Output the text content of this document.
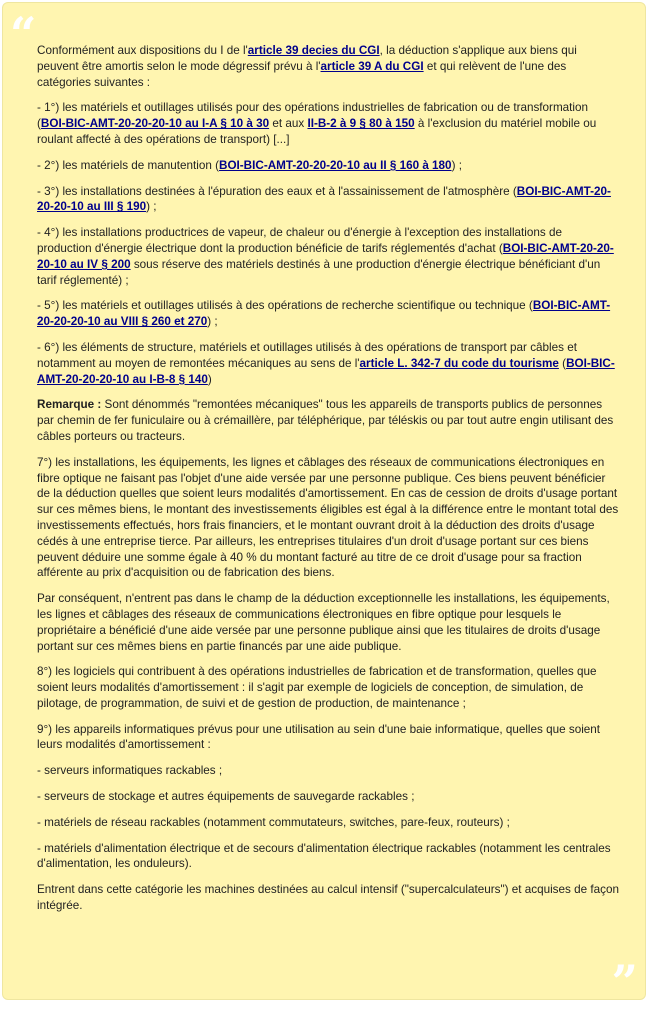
“ Conformément aux dispositions du I de l'article 39 decies du CGI, la déduction s'applique aux biens qui peuvent être amortis selon le mode dégressif prévu à l'article 39 A du CGI et qui relèvent de l'une des catégories suivantes :

- 1°) les matériels et outillages utilisés pour des opérations industrielles de fabrication ou de transformation (BOI-BIC-AMT-20-20-20-10 au I-A § 10 à 30 et aux II-B-2 à 9 § 80 à 150 à l'exclusion du matériel mobile ou roulant affecté à des opérations de transport) [...]

- 2°) les matériels de manutention (BOI-BIC-AMT-20-20-20-10 au II § 160 à 180) ;

- 3°) les installations destinées à l'épuration des eaux et à l'assainissement de l'atmosphère (BOI-BIC-AMT-20-20-20-10 au III § 190) ;

- 4°) les installations productrices de vapeur, de chaleur ou d'énergie à l'exception des installations de production d'énergie électrique dont la production bénéficie de tarifs réglementés d'achat (BOI-BIC-AMT-20-20-20-10 au IV § 200 sous réserve des matériels destinés à une production d'énergie électrique bénéficiant d'un tarif réglementé) ;

- 5°) les matériels et outillages utilisés à des opérations de recherche scientifique ou technique (BOI-BIC-AMT-20-20-20-10 au VIII § 260 et 270) ;

- 6°) les éléments de structure, matériels et outillages utilisés à des opérations de transport par câbles et notamment au moyen de remontées mécaniques au sens de l'article L. 342-7 du code du tourisme (BOI-BIC-AMT-20-20-20-10 au I-B-8 § 140)

Remarque : Sont dénommés "remontées mécaniques" tous les appareils de transports publics de personnes par chemin de fer funiculaire ou à crémaillère, par téléphérique, par téléskis ou par tout autre engin utilisant des câbles porteurs ou tracteurs.

7°) les installations, les équipements, les lignes et câblages des réseaux de communications électroniques en fibre optique ne faisant pas l'objet d'une aide versée par une personne publique. Ces biens peuvent bénéficier de la déduction quelles que soient leurs modalités d'amortissement. En cas de cession de droits d'usage portant sur ces mêmes biens, le montant des investissements éligibles est égal à la différence entre le montant total des investissements effectués, hors frais financiers, et le montant ouvrant droit à la déduction des droits d'usage cédés à une entreprise tierce. Par ailleurs, les entreprises titulaires d'un droit d'usage portant sur ces biens peuvent déduire une somme égale à 40 % du montant facturé au titre de ce droit d'usage pour sa fraction afférente au prix d'acquisition ou de fabrication des biens.

Par conséquent, n'entrent pas dans le champ de la déduction exceptionnelle les installations, les équipements, les lignes et câblages des réseaux de communications électroniques en fibre optique pour lesquels le propriétaire a bénéficié d'une aide versée par une personne publique ainsi que les titulaires de droits d'usage portant sur ces mêmes biens en partie financés par une aide publique.

8°) les logiciels qui contribuent à des opérations industrielles de fabrication et de transformation, quelles que soient leurs modalités d'amortissement : il s'agit par exemple de logiciels de conception, de simulation, de pilotage, de programmation, de suivi et de gestion de production, de maintenance ;

9°) les appareils informatiques prévus pour une utilisation au sein d'une baie informatique, quelles que soient leurs modalités d'amortissement :

- serveurs informatiques rackables ;

- serveurs de stockage et autres équipements de sauvegarde rackables ;

- matériels de réseau rackables (notamment commutateurs, switches, pare-feux, routeurs) ;

- matériels d'alimentation électrique et de secours d'alimentation électrique rackables (notamment les centrales d'alimentation, les onduleurs).

Entrent dans cette catégorie les machines destinées au calcul intensif ("supercalculateurs") et acquises de façon intégrée.

”
